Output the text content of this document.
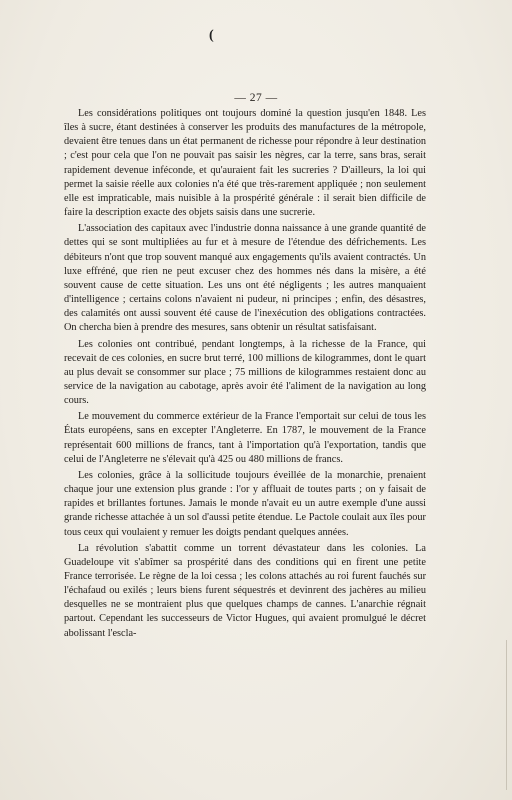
(
— 27 —

Les considérations politiques ont toujours dominé la question jusqu'en 1848. Les îles à sucre, étant destinées à conserver les produits des manufactures de la métropole, devaient être tenues dans un état permanent de richesse pour répondre à leur destination ; c'est pour cela que l'on ne pouvait pas saisir les nègres, car la terre, sans bras, serait rapidement devenue inféconde, et qu'auraient fait les sucreries ? D'ailleurs, la loi qui permet la saisie réelle aux colonies n'a été que très-rarement appliquée ; non seulement elle est impraticable, mais nuisible à la prospérité générale : il serait bien difficile de faire la description exacte des objets saisis dans une sucrerie.

L'association des capitaux avec l'industrie donna naissance à une grande quantité de dettes qui se sont multipliées au fur et à mesure de l'étendue des défrichements. Les débiteurs n'ont que trop souvent manqué aux engagements qu'ils avaient contractés. Un luxe effréné, que rien ne peut excuser chez des hommes nés dans la misère, a été souvent cause de cette situation. Les uns ont été négligents ; les autres manquaient d'intelligence ; certains colons n'avaient ni pudeur, ni principes ; enfin, des désastres, des calamités ont aussi souvent été cause de l'inexécution des obligations contractées. On chercha bien à prendre des mesures, sans obtenir un résultat satisfaisant.

Les colonies ont contribué, pendant longtemps, à la richesse de la France, qui recevait de ces colonies, en sucre brut terré, 100 millions de kilogrammes, dont le quart au plus devait se consommer sur place ; 75 millions de kilogrammes restaient donc au service de la navigation au cabotage, après avoir été l'aliment de la navigation au long cours.

Le mouvement du commerce extérieur de la France l'emportait sur celui de tous les États européens, sans en excepter l'Angleterre. En 1787, le mouvement de la France représentait 600 millions de francs, tant à l'importation qu'à l'exportation, tandis que celui de l'Angleterre ne s'élevait qu'à 425 ou 480 millions de francs.

Les colonies, grâce à la sollicitude toujours éveillée de la monarchie, prenaient chaque jour une extension plus grande : l'or y affluait de toutes parts ; on y faisait de rapides et brillantes fortunes. Jamais le monde n'avait eu un autre exemple d'une aussi grande richesse attachée à un sol d'aussi petite étendue. Le Pactole coulait aux îles pour tous ceux qui voulaient y remuer les doigts pendant quelques années.

La révolution s'abattit comme un torrent dévastateur dans les colonies. La Guadeloupe vit s'abîmer sa prospérité dans des conditions qui en firent une petite France terrorisée. Le règne de la loi cessa ; les colons attachés au roi furent fauchés sur l'échafaud ou exilés ; leurs biens furent séquestrés et devinrent des jachères au milieu desquelles ne se montraient plus que quelques champs de cannes. L'anarchie régnait partout. Cependant les successeurs de Victor Hugues, qui avaient promulgué le décret abolissant l'escla-
